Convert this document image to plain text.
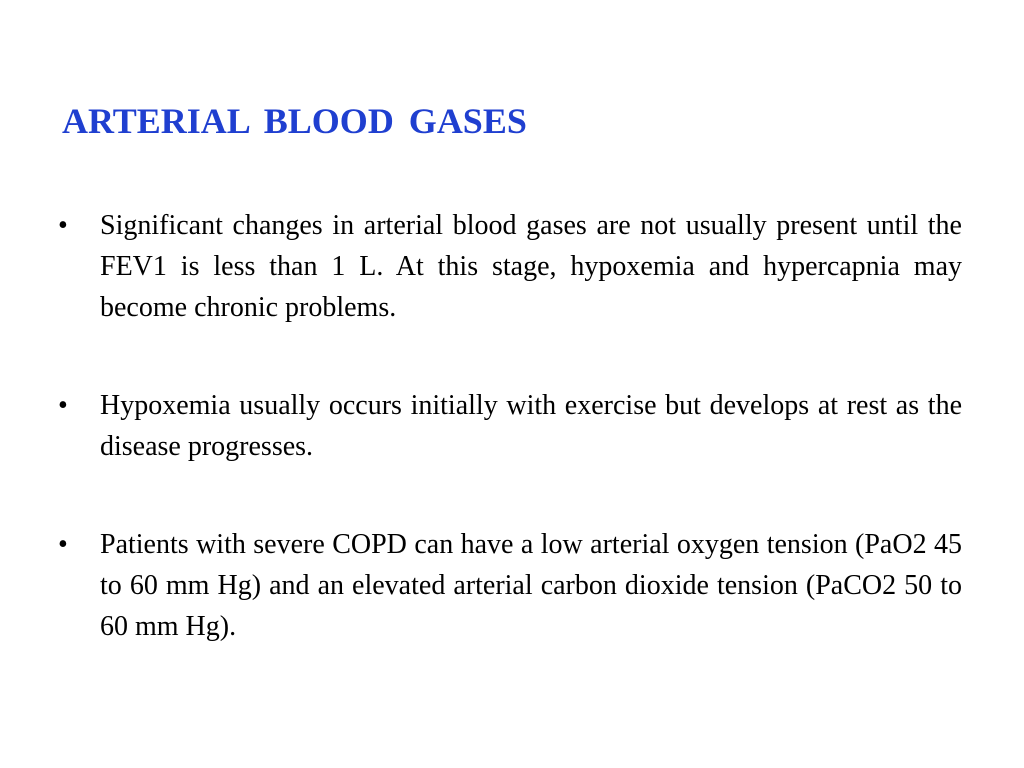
ARTERIAL BLOOD GASES
•	Significant changes in arterial blood gases are not usually present until the FEV1 is less than 1 L. At this stage, hypoxemia and hypercapnia may become chronic problems.
•	Hypoxemia usually occurs initially with exercise but develops at rest as the disease progresses.
•	Patients with severe COPD can have a low arterial oxygen tension (PaO2 45 to 60 mm Hg) and an elevated arterial carbon dioxide tension (PaCO2 50 to 60 mm Hg).
